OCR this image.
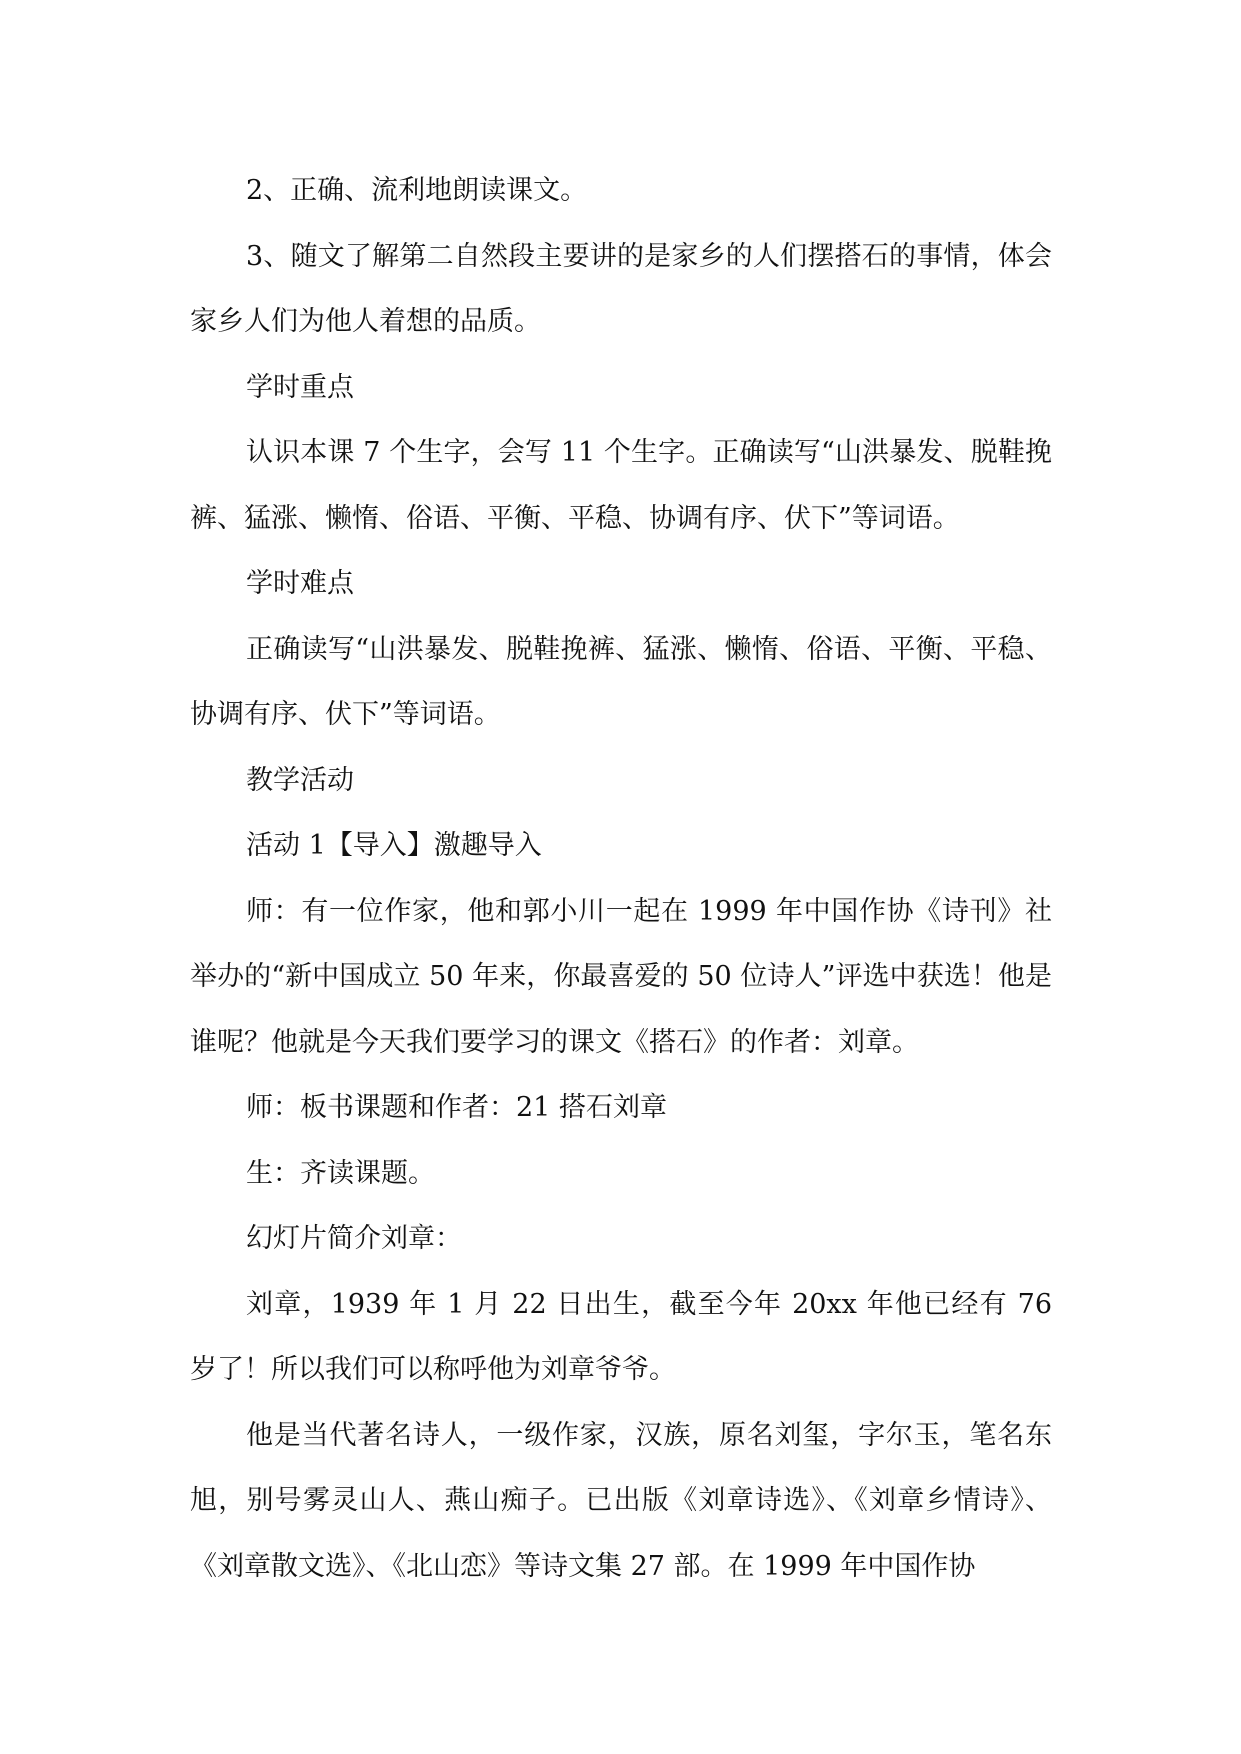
2、正确、流利地朗读课文。

3、随文了解第二自然段主要讲的是家乡的人们摆搭石的事情，体会家乡人们为他人着想的品质。

学时重点

认识本课 7 个生字，会写 11 个生字。正确读写“山洪暴发、脱鞋挽裤、猛涨、懒惰、俗语、平衡、平稳、协调有序、伏下”等词语。

学时难点

正确读写“山洪暴发、脱鞋挽裤、猛涨、懒惰、俗语、平衡、平稳、协调有序、伏下”等词语。

教学活动

活动 1【导入】激趣导入

师：有一位作家，他和郭小川一起在 1999 年中国作协《诗刊》社举办的“新中国成立 50 年来，你最喜爱的 50 位诗人”评选中获选！他是谁呢？他就是今天我们要学习的课文《搭石》的作者：刘章。

师：板书课题和作者：21 搭石刘章

生：齐读课题。

幻灯片简介刘章：

刘章，1939 年 1 月 22 日出生，截至今年 20xx 年他已经有 76 岁了！所以我们可以称呼他为刘章爷爷。

他是当代著名诗人，一级作家，汉族，原名刘玺，字尔玉，笔名东旭，别号雾灵山人、燕山痴子。已出版《刘章诗选》、《刘章乡情诗》、《刘章散文选》、《北山恋》等诗文集 27 部。在 1999 年中国作协
